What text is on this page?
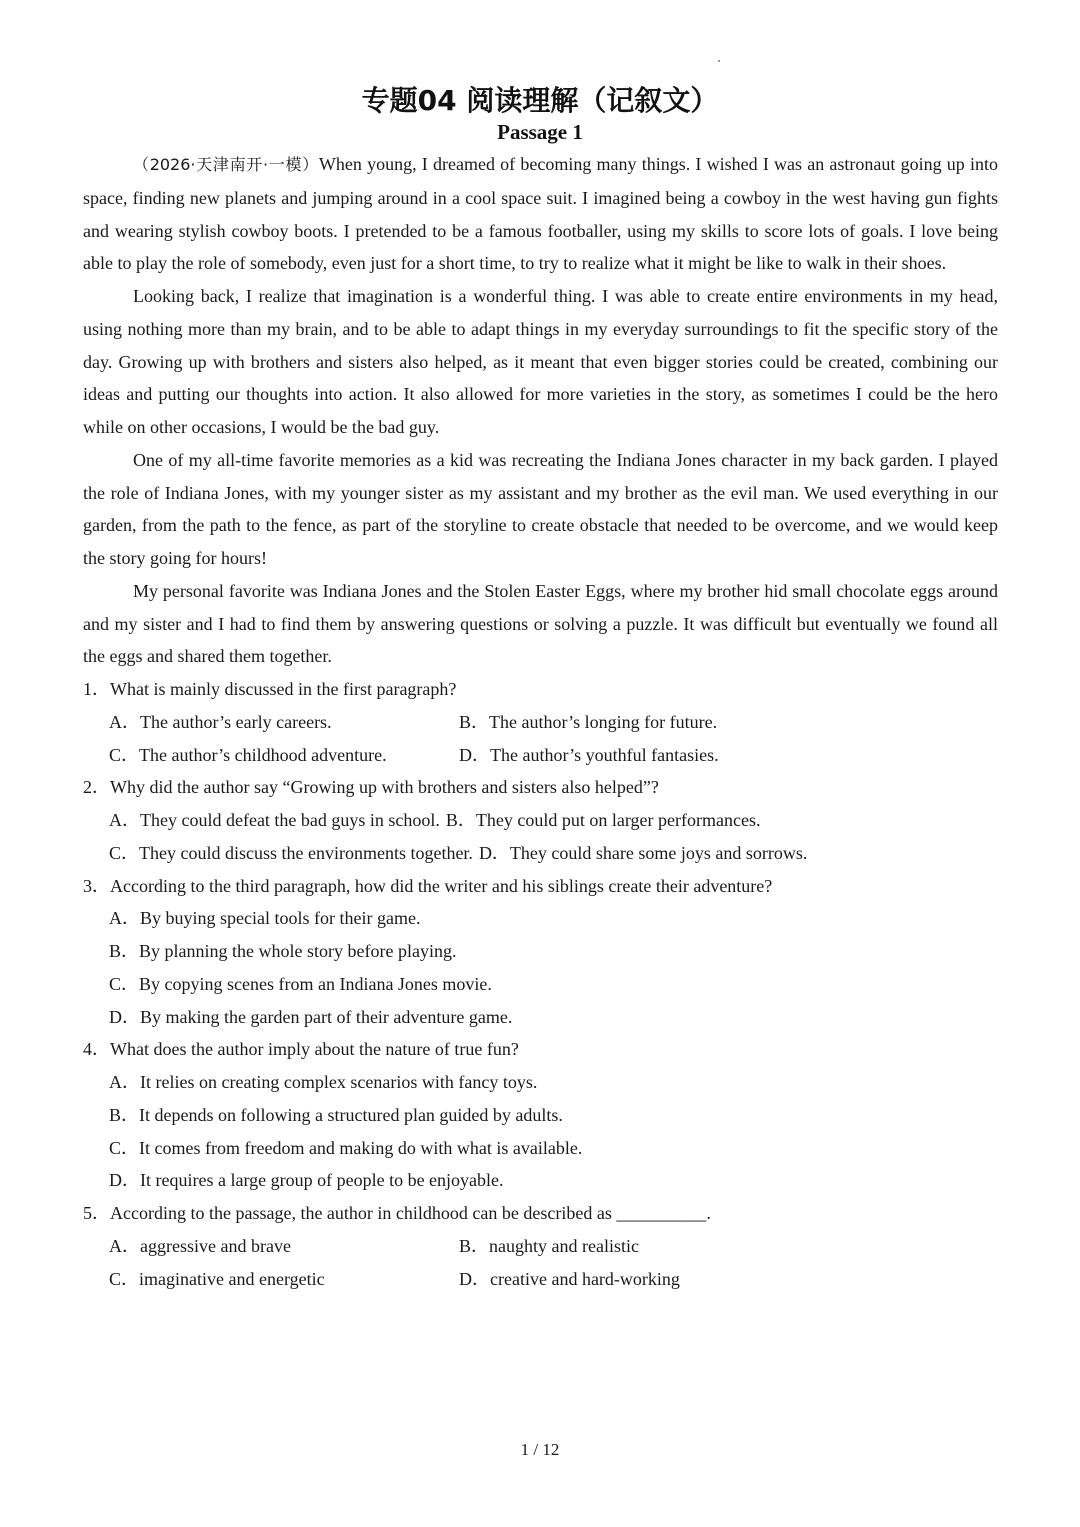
专题04 阅读理解（记叙文）
Passage 1

（2026·天津南开·一模）When young, I dreamed of becoming many things. I wished I was an astronaut going up into space, finding new planets and jumping around in a cool space suit. I imagined being a cowboy in the west having gun fights and wearing stylish cowboy boots. I pretended to be a famous footballer, using my skills to score lots of goals. I love being able to play the role of somebody, even just for a short time, to try to realize what it might be like to walk in their shoes.

Looking back, I realize that imagination is a wonderful thing. I was able to create entire environments in my head, using nothing more than my brain, and to be able to adapt things in my everyday surroundings to fit the specific story of the day. Growing up with brothers and sisters also helped, as it meant that even bigger stories could be created, combining our ideas and putting our thoughts into action. It also allowed for more varieties in the story, as sometimes I could be the hero while on other occasions, I would be the bad guy.

One of my all-time favorite memories as a kid was recreating the Indiana Jones character in my back garden. I played the role of Indiana Jones, with my younger sister as my assistant and my brother as the evil man. We used everything in our garden, from the path to the fence, as part of the storyline to create obstacle that needed to be overcome, and we would keep the story going for hours!

My personal favorite was Indiana Jones and the Stolen Easter Eggs, where my brother hid small chocolate eggs around and my sister and I had to find them by answering questions or solving a puzzle. It was difficult but eventually we found all the eggs and shared them together.

1．What is mainly discussed in the first paragraph?
A．The author’s early careers.	B．The author’s longing for future.
C．The author’s childhood adventure.	D．The author’s youthful fantasies.
2．Why did the author say “Growing up with brothers and sisters also helped”?
A．They could defeat the bad guys in school. B．They could put on larger performances.
C．They could discuss the environments together. D．They could share some joys and sorrows.
3．According to the third paragraph, how did the writer and his siblings create their adventure?
A．By buying special tools for their game.
B．By planning the whole story before playing.
C．By copying scenes from an Indiana Jones movie.
D．By making the garden part of their adventure game.
4．What does the author imply about the nature of true fun?
A．It relies on creating complex scenarios with fancy toys.
B．It depends on following a structured plan guided by adults.
C．It comes from freedom and making do with what is available.
D．It requires a large group of people to be enjoyable.
5．According to the passage, the author in childhood can be described as __________.
A．aggressive and brave	B．naughty and realistic
C．imaginative and energetic	D．creative and hard-working
1 / 12
